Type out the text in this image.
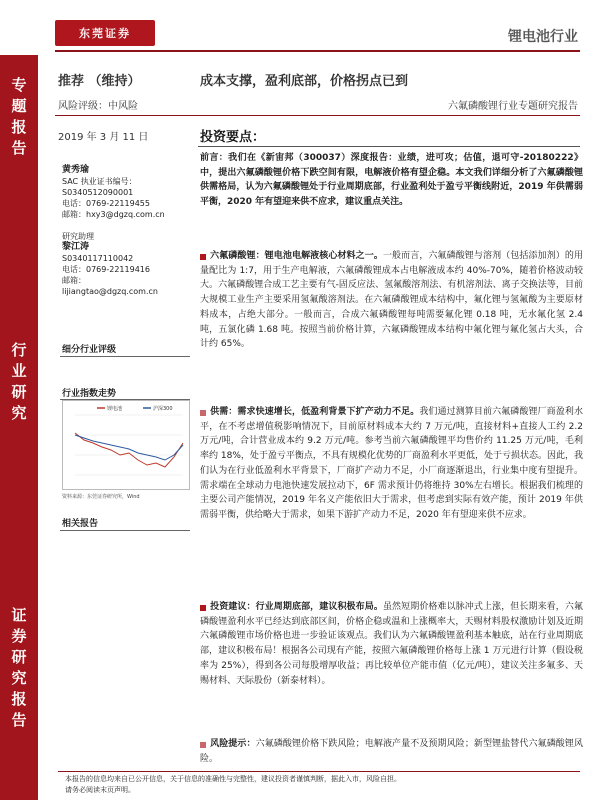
东莞证券	锂电池行业
专
题
报
告
行
业
研
究
证
券
研
究
报
告
推荐 （维持）	成本支撑，盈利底部，价格拐点已到
风险评级：中风险	六氟磷酸锂行业专题研究报告
2019 年 3 月 11 日	投资要点：
黄秀瑜
SAC 执业证书编号：
S0340512090001
电话：0769-22119455
邮箱：hxy3@dgzq.com.cn
研究助理
黎江涛
S0340117110042
电话：0769-22119416
邮箱：
lijiangtao@dgzq.com.cn
细分行业评级
行业指数走势
锂电池	沪深300
资料来源：东莞证券研究所，Wind
相关报告
前言：我们在《新宙邦（300037）深度报告：业绩，进可攻；估值，退可守-20180222》中，提出六氟磷酸锂价格下跌空间有限，电解液价格有望企稳。本文我们详细分析了六氟磷酸锂供需格局，认为六氟磷酸锂处于行业周期底部，行业盈利处于盈亏平衡线附近，2019 年供需弱平衡，2020 年有望迎来供不应求，建议重点关注。
六氟磷酸锂：锂电池电解液核心材料之一。一般而言，六氟磷酸锂与溶剂（包括添加剂）的用量配比为 1:7，用于生产电解液，六氟磷酸锂成本占电解液成本约 40%-70%，随着价格波动较大。六氟磷酸锂合成工艺主要有气-固反应法、氢氟酸溶剂法、有机溶剂法、离子交换法等，目前大规模工业生产主要采用氢氟酸溶剂法。在六氟磷酸锂成本结构中，氟化锂与氢氟酸为主要原材料成本，占绝大部分。一般而言，合成六氟磷酸锂每吨需要氟化锂 0.18 吨，无水氟化氢 2.4 吨，五氯化磷 1.68 吨。按照当前价格计算，六氟磷酸锂成本结构中氟化锂与氟化氢占大头，合计约 65%。
供需：需求快速增长，低盈利背景下扩产动力不足。我们通过测算目前六氟磷酸锂厂商盈利水平，在不考虑增值税影响情况下，目前原材料成本大约 7 万元/吨，直接材料+直接人工约 2.2 万元/吨，合计营业成本约 9.2 万元/吨。参考当前六氟磷酸锂平均售价约 11.25 万元/吨，毛利率约 18%，处于盈亏平衡点，不具有规模化优势的厂商盈利水平更低，处于亏损状态。因此，我们认为在行业低盈利水平背景下，厂商扩产动力不足，小厂商逐渐退出，行业集中度有望提升。需求端在全球动力电池快速发展拉动下，6F 需求预计仍将维持 30%左右增长。根据我们梳理的主要公司产能情况，2019 年名义产能依旧大于需求，但考虑到实际有效产能，预计 2019 年供需弱平衡，供给略大于需求，如果下游扩产动力不足，2020 年有望迎来供不应求。
投资建议：行业周期底部，建议积极布局。虽然短期价格难以脉冲式上涨，但长期来看，六氟磷酸锂盈利水平已经达到底部区间，价格企稳或温和上涨概率大，天赐材料股权激励计划及近期六氟磷酸锂市场价格也进一步验证该观点。我们认为六氟磷酸锂盈利基本触底，站在行业周期底部，建议积极布局！根据各公司现有产能，按照六氟磷酸锂价格每上涨 1 万元进行计算（假设税率为 25%），得到各公司每股增厚收益；再比较单位产能市值（亿元/吨），建议关注多氟多、天赐材料、天际股份（新泰材料）。
风险提示：六氟磷酸锂价格下跌风险；电解液产量不及预期风险；新型锂盐替代六氟磷酸锂风险。
本报告的信息均来自已公开信息，关于信息的准确性与完整性，建议投资者谨慎判断，据此入市，风险自担。
请务必阅读末页声明。
